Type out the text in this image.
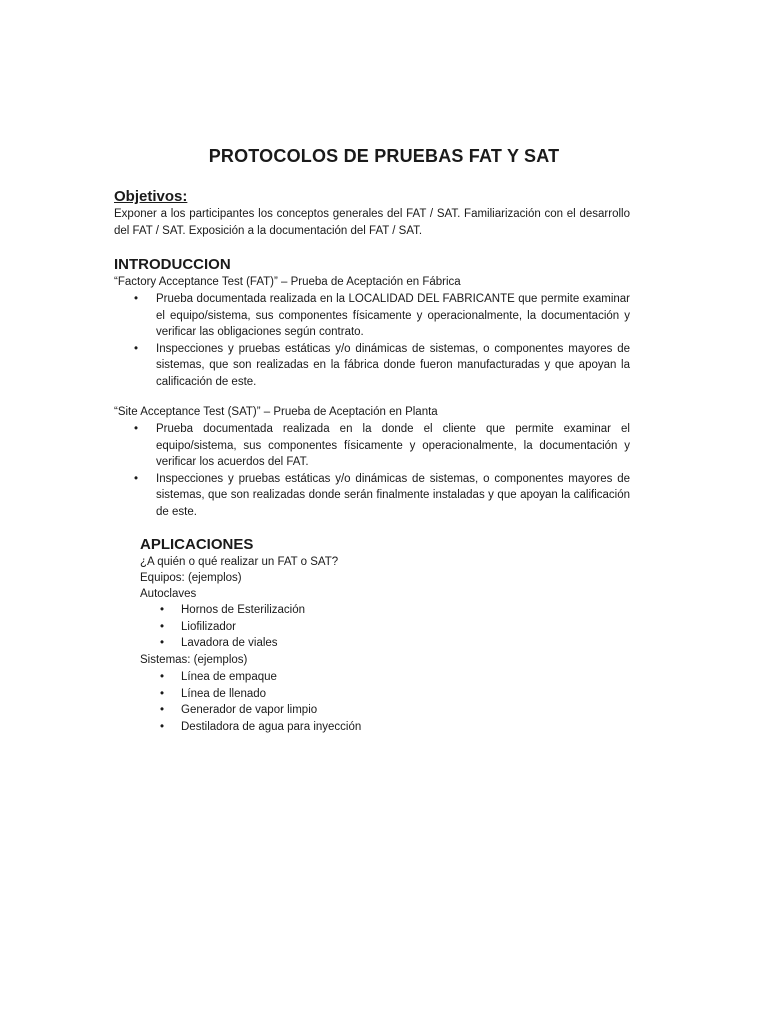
PROTOCOLOS DE PRUEBAS FAT Y SAT
Objetivos:
Exponer a los participantes los conceptos generales del FAT / SAT. Familiarización con el desarrollo del FAT / SAT. Exposición a la documentación del FAT / SAT.
INTRODUCCION
“Factory Acceptance Test (FAT)” – Prueba de Aceptación en Fábrica
• Prueba documentada realizada en la LOCALIDAD DEL FABRICANTE que permite examinar el equipo/sistema, sus componentes físicamente y operacionalmente, la documentación y verificar las obligaciones según contrato.
• Inspecciones y pruebas estáticas y/o dinámicas de sistemas, o componentes mayores de sistemas, que son realizadas en la fábrica donde fueron manufacturadas y que apoyan la calificación de este.
“Site Acceptance Test (SAT)” – Prueba de Aceptación en Planta
• Prueba documentada realizada en la donde el cliente que permite examinar el equipo/sistema, sus componentes físicamente y operacionalmente, la documentación y verificar los acuerdos del FAT.
• Inspecciones y pruebas estáticas y/o dinámicas de sistemas, o componentes mayores de sistemas, que son realizadas donde serán finalmente instaladas y que apoyan la calificación de este.
APLICACIONES
¿A quién o qué realizar un FAT o SAT?
Equipos: (ejemplos)
Autoclaves
• Hornos de Esterilización
• Liofilizador
• Lavadora de viales
Sistemas: (ejemplos)
• Línea de empaque
• Línea de llenado
• Generador de vapor limpio
• Destiladora de agua para inyección
